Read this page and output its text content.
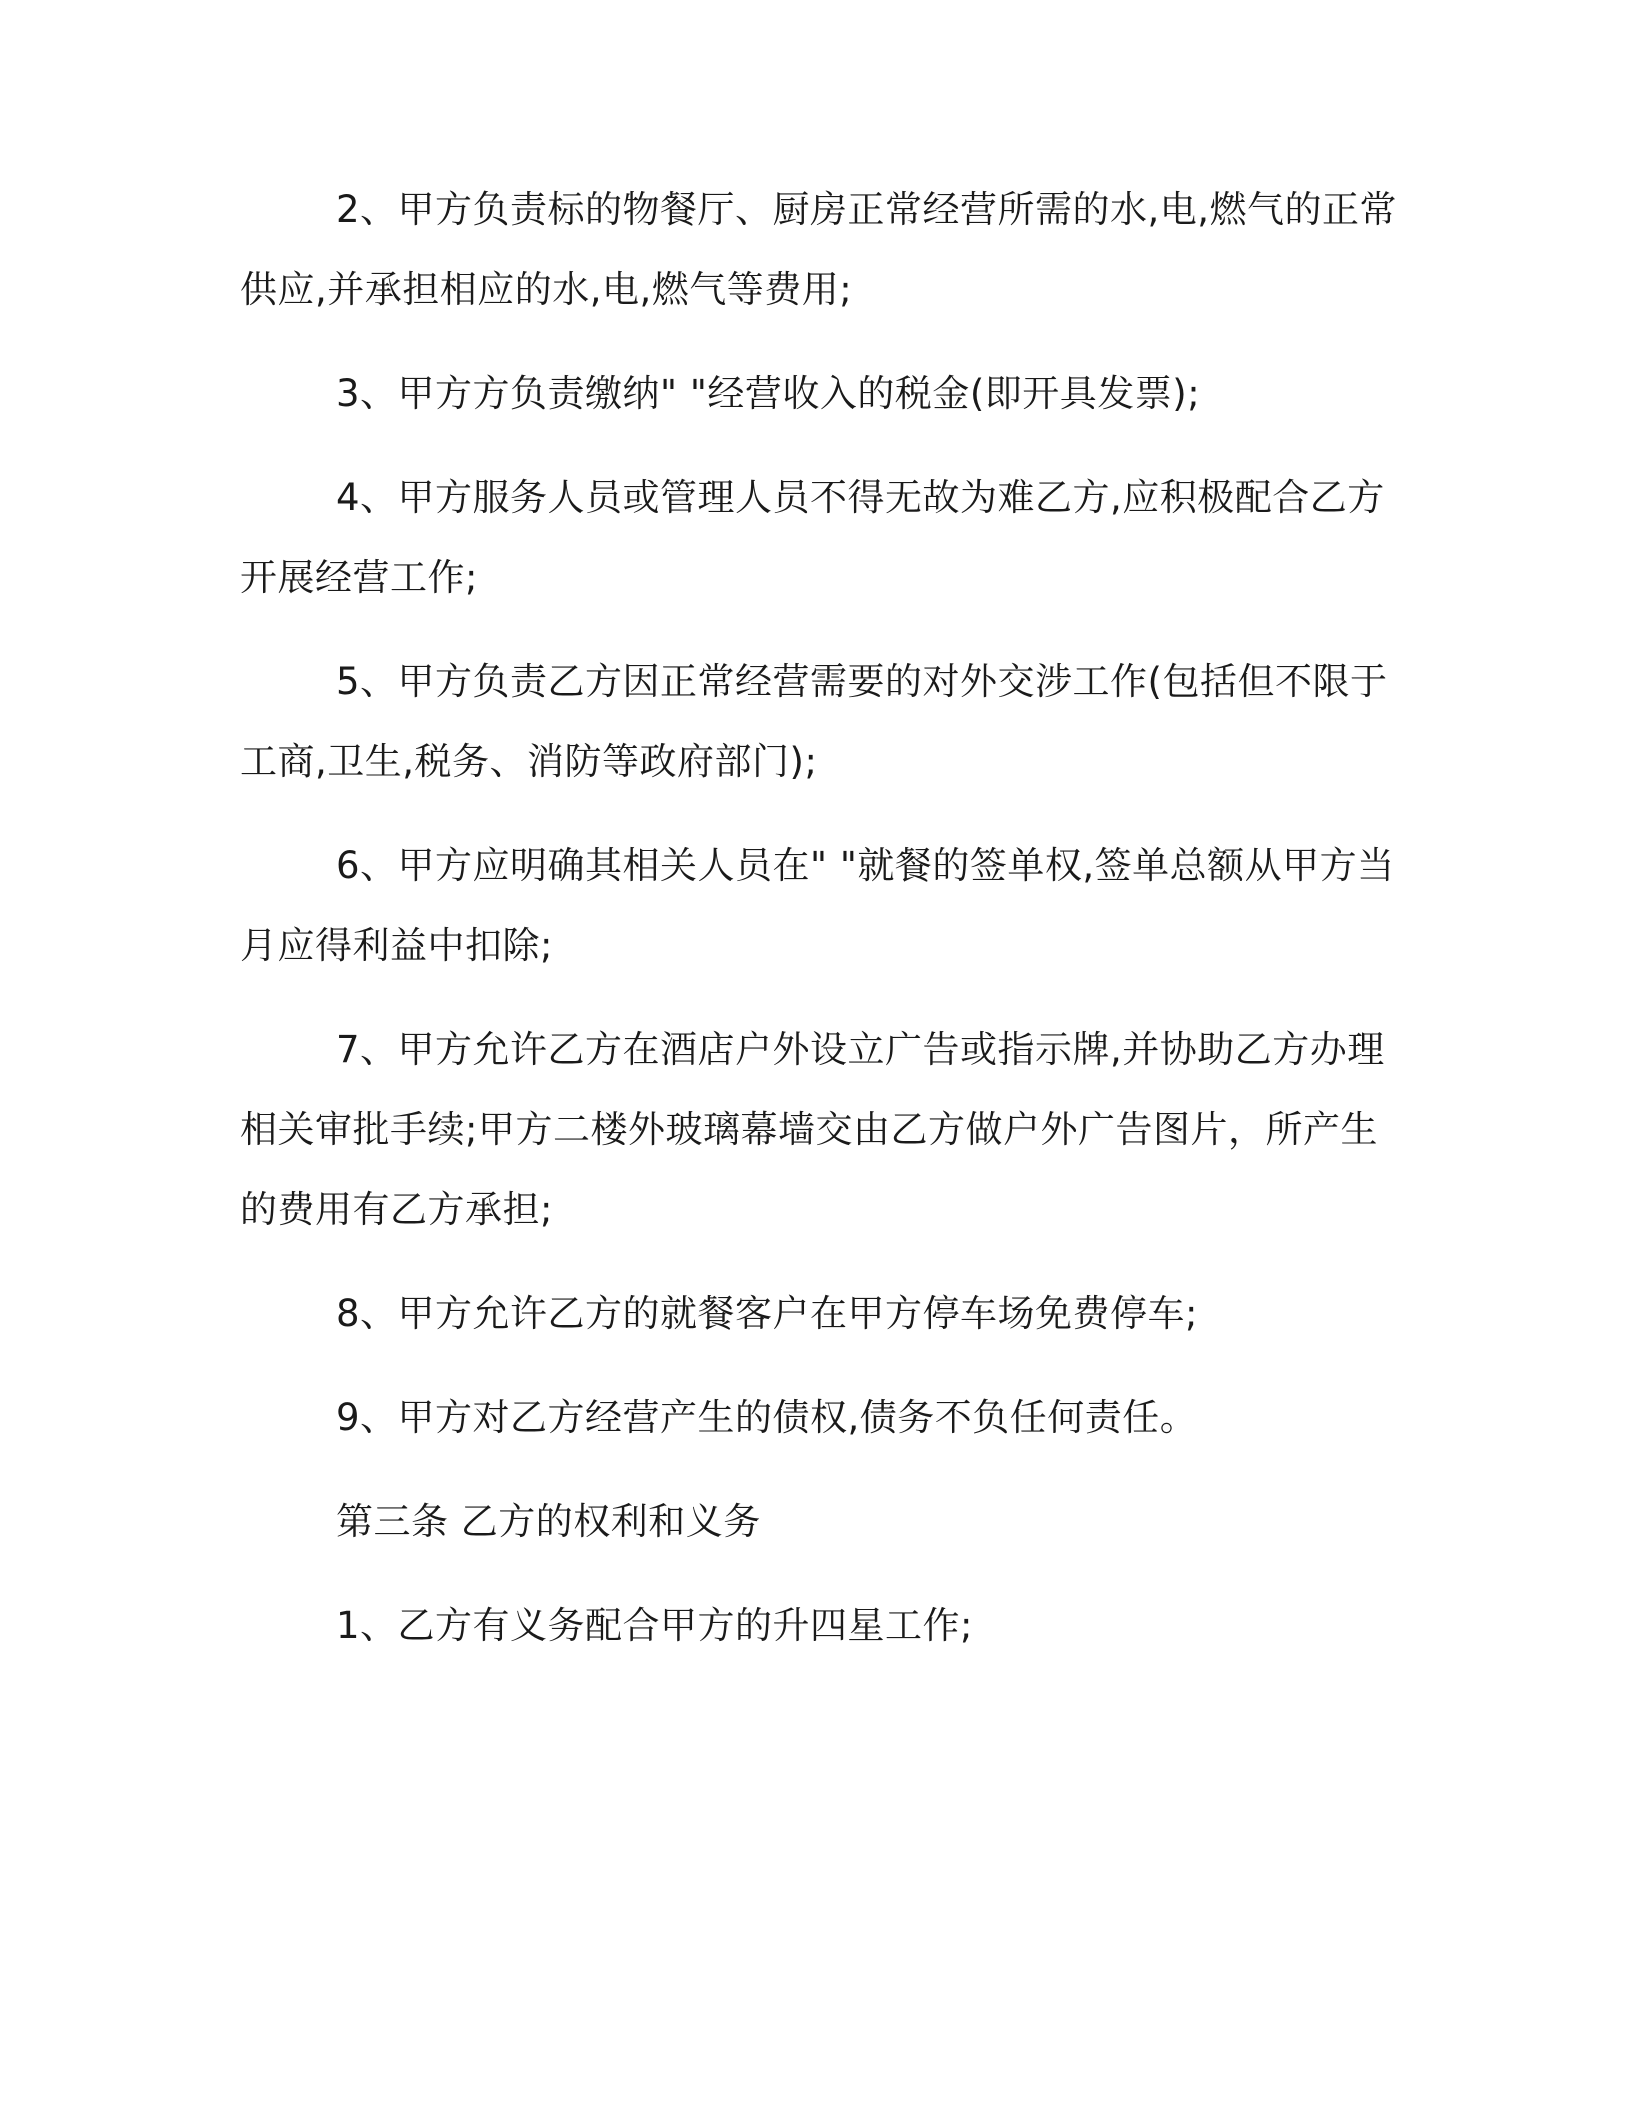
2、甲方负责标的物餐厅、厨房正常经营所需的水,电,燃气的正常供应,并承担相应的水,电,燃气等费用;

3、甲方方负责缴纳" "经营收入的税金(即开具发票);

4、甲方服务人员或管理人员不得无故为难乙方,应积极配合乙方开展经营工作;

5、甲方负责乙方因正常经营需要的对外交涉工作(包括但不限于工商,卫生,税务、消防等政府部门);

6、甲方应明确其相关人员在" "就餐的签单权,签单总额从甲方当月应得利益中扣除;

7、甲方允许乙方在酒店户外设立广告或指示牌,并协助乙方办理相关审批手续;甲方二楼外玻璃幕墙交由乙方做户外广告图片，所产生的费用有乙方承担;

8、甲方允许乙方的就餐客户在甲方停车场免费停车;

9、甲方对乙方经营产生的债权,债务不负任何责任。

第三条 乙方的权利和义务

1、乙方有义务配合甲方的升四星工作;
